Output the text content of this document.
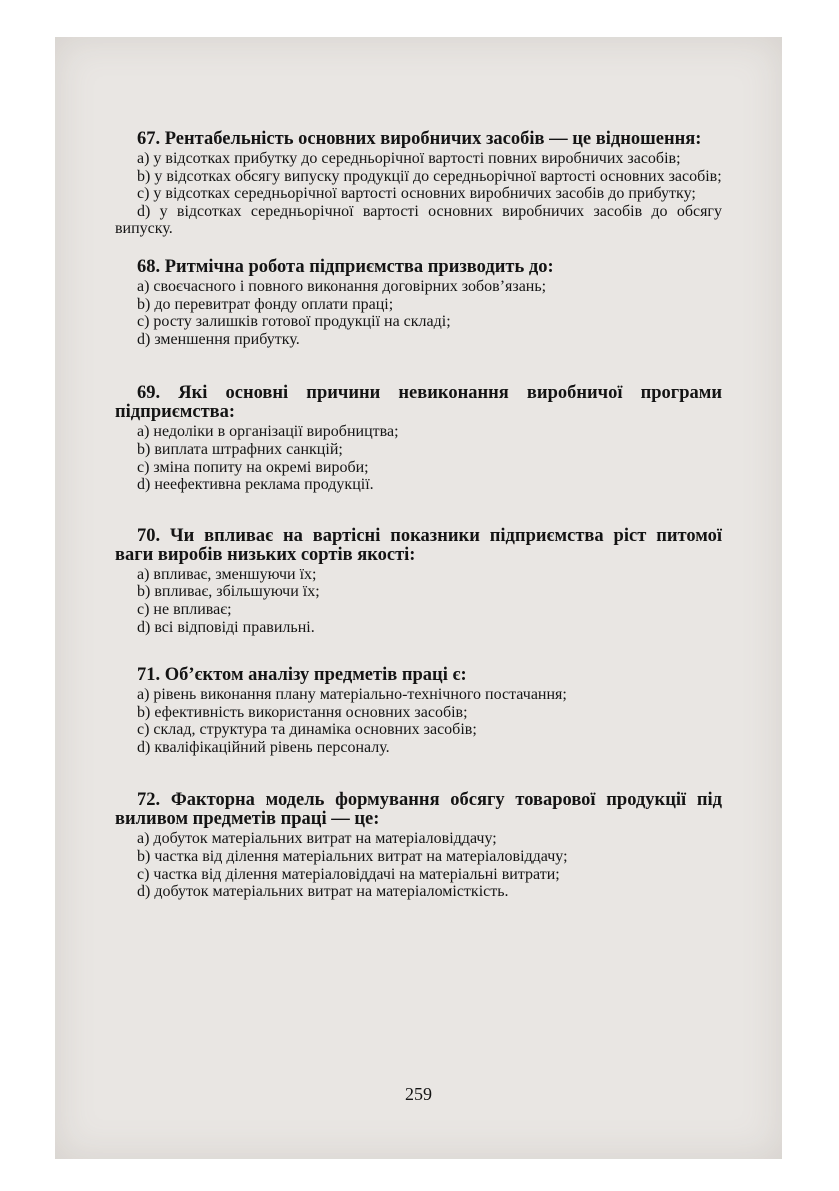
67. Рентабельність основних виробничих засобів — це відношення:

a) у відсотках прибутку до середньорічної вартості повних виробничих засобів;

b) у відсотках обсягу випуску продукції до середньорічної вартості основних засобів;

c) у відсотках середньорічної вартості основних виробничих засобів до прибутку;

d) у відсотках середньорічної вартості основних виробничих засобів до обсягу випуску.

68. Ритмічна робота підприємства призводить до:

a) своєчасного і повного виконання договірних зобов’язань;

b) до перевитрат фонду оплати праці;

c) росту залишків готової продукції на складі;

d) зменшення прибутку.

69. Які основні причини невиконання виробничої програми підприємства:

a) недоліки в організації виробництва;

b) виплата штрафних санкцій;

c) зміна попиту на окремі вироби;

d) неефективна реклама продукції.

70. Чи впливає на вартісні показники підприємства ріст питомої ваги виробів низьких сортів якості:

a) впливає, зменшуючи їх;

b) впливає, збільшуючи їх;

c) не впливає;

d) всі відповіді правильні.

71. Об’єктом аналізу предметів праці є:

a) рівень виконання плану матеріально-технічного постачання;

b) ефективність використання основних засобів;

c) склад, структура та динаміка основних засобів;

d) кваліфікаційний рівень персоналу.

72. Факторна модель формування обсягу товарової продукції під виливом предметів праці — це:

a) добуток матеріальних витрат на матеріаловіддачу;

b) частка від ділення матеріальних витрат на матеріаловіддачу;

c) частка від ділення матеріаловіддачі на матеріальні витрати;

d) добуток матеріальних витрат на матеріаломісткість.

259
